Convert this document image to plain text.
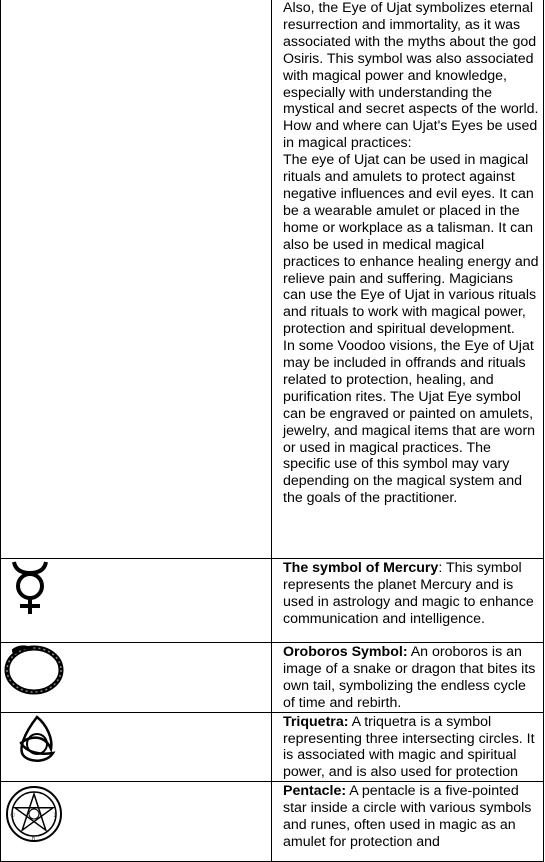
	Also, the Eye of Ujat symbolizes eternal resurrection and immortality, as it was associated with the myths about the god Osiris. This symbol was also associated with magical power and knowledge, especially with understanding the mystical and secret aspects of the world. How and where can Ujat's Eyes be used in magical practices:

The eye of Ujat can be used in magical rituals and amulets to protect against negative influences and evil eyes. It can be a wearable amulet or placed in the home or workplace as a talisman. It can also be used in medical magical practices to enhance healing energy and relieve pain and suffering. Magicians can use the Eye of Ujat in various rituals and rituals to work with magical power, protection and spiritual development.

In some Voodoo visions, the Eye of Ujat may be included in offrands and rituals related to protection, healing, and purification rites. The Ujat Eye symbol can be engraved or painted on amulets, jewelry, and magical items that are worn or used in magical practices. The specific use of this symbol may vary depending on the magical system and the goals of the practitioner.

	The symbol of Mercury: This symbol represents the planet Mercury and is used in astrology and magic to enhance communication and intelligence.

	Oroboros Symbol: An oroboros is an image of a snake or dragon that bites its own tail, symbolizing the endless cycle of time and rebirth.

	Triquetra: A triquetra is a symbol representing three intersecting circles. It is associated with magic and spiritual power, and is also used for protection

☉ ☽
♄	Pentacle: A pentacle is a five-pointed star inside a circle with various symbols and runes, often used in magic as an amulet for protection and
